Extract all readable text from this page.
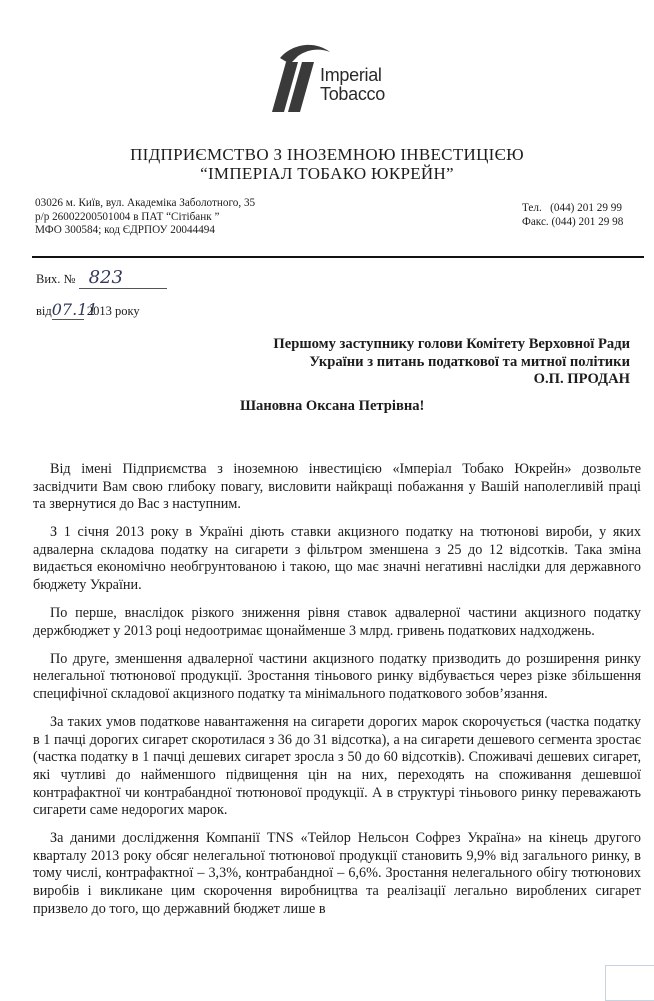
Imperial
Tobacco
ПІДПРИЄМСТВО З ІНОЗЕМНОЮ ІНВЕСТИЦІЄЮ
“ІМПЕРІАЛ ТОБАКО ЮКРЕЙН”
03026 м. Київ, вул. Академіка Заболотного, 35
р/р 26002200501004 в ПАТ “Сітібанк ”
МФО 300584; код ЄДРПОУ 20044494
Тел. (044) 201 29 99
Факс. (044) 201 29 98
Вих. № 823
від07.11 2013 року
Першому заступнику голови Комітету Верховної Ради
України з питань податкової та митної політики
О.П. ПРОДАН
Шановна Оксана Петрівна!

Від імені Підприємства з іноземною інвестицією «Імперіал Тобако Юкрейн» дозвольте засвідчити Вам свою глибоку повагу, висловити найкращі побажання у Вашій наполегливій праці та звернутися до Вас з наступним.

З 1 січня 2013 року в Україні діють ставки акцизного податку на тютюнові вироби, у яких адвалерна складова податку на сигарети з фільтром зменшена з 25 до 12 відсотків. Така зміна видається економічно необгрунтованою і такою, що має значні негативні наслідки для державного бюджету України.

По перше, внаслідок різкого зниження рівня ставок адвалерної частини акцизного податку держбюджет у 2013 році недоотримає щонайменше 3 млрд. гривень податкових надходжень.

По друге, зменшення адвалерної частини акцизного податку призводить до розширення ринку нелегальної тютюнової продукції. Зростання тіньового ринку відбувається через різке збільшення специфічної складової акцизного податку та мінімального податкового зобов’язання.

За таких умов податкове навантаження на сигарети дорогих марок скорочується (частка податку в 1 пачці дорогих сигарет скоротилася з 36 до 31 відсотка), а на сигарети дешевого сегмента зростає (частка податку в 1 пачці дешевих сигарет зросла з 50 до 60 відсотків). Споживачі дешевих сигарет, які чутливі до найменшого підвищення цін на них, переходять на споживання дешевшої контрафактної чи контрабандної тютюнової продукції. А в структурі тіньового ринку переважають сигарети саме недорогих марок.

За даними дослідження Компанії TNS «Тейлор Нельсон Софрез Україна» на кінець другого кварталу 2013 року обсяг нелегальної тютюнової продукції становить 9,9% від загального ринку, в тому числі, контрафактної – 3,3%, контрабандної – 6,6%. Зростання нелегального обігу тютюнових виробів і викликане цим скорочення виробництва та реалізації легально вироблених сигарет призвело до того, що державний бюджет лише в
